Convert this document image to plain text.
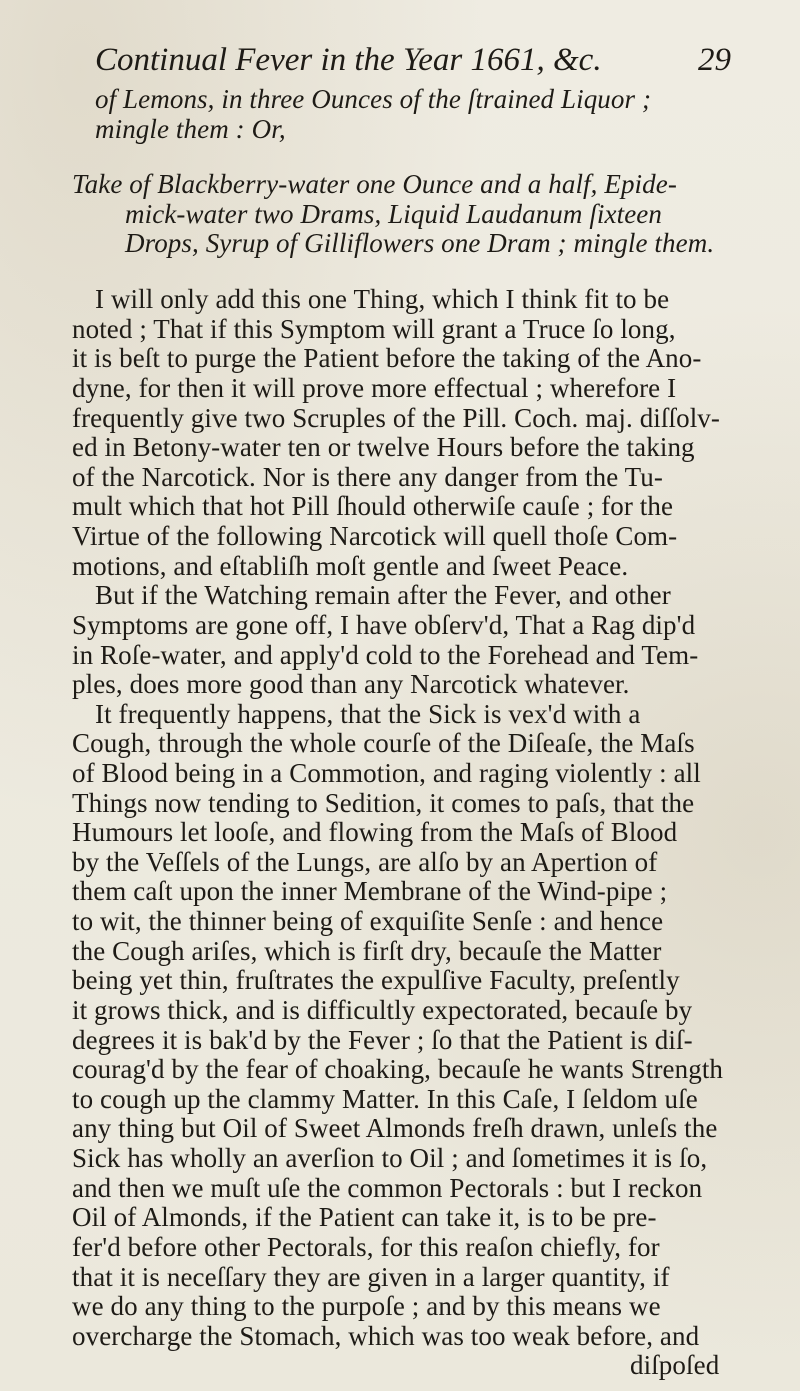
Continual Fever in the Year 1661, &c.	29
of Lemons, in three Ounces of the ſtrained Liquor ;
mingle them : Or,
Take of Blackberry-water one Ounce and a half, Epide-
mick-water two Drams, Liquid Laudanum ſixteen
Drops, Syrup of Gilliflowers one Dram ; mingle them.
I will only add this one Thing, which I think fit to be
noted ; That if this Symptom will grant a Truce ſo long,
it is beſt to purge the Patient before the taking of the Ano-
dyne, for then it will prove more effectual ; wherefore I
frequently give two Scruples of the Pill. Coch. maj. diſſolv-
ed in Betony-water ten or twelve Hours before the taking
of the Narcotick. Nor is there any danger from the Tu-
mult which that hot Pill ſhould otherwiſe cauſe ; for the
Virtue of the following Narcotick will quell thoſe Com-
motions, and eſtabliſh moſt gentle and ſweet Peace.
But if the Watching remain after the Fever, and other
Symptoms are gone off, I have obſerv'd, That a Rag dip'd
in Roſe-water, and apply'd cold to the Forehead and Tem-
ples, does more good than any Narcotick whatever.
It frequently happens, that the Sick is vex'd with a
Cough, through the whole courſe of the Diſeaſe, the Maſs
of Blood being in a Commotion, and raging violently : all
Things now tending to Sedition, it comes to paſs, that the
Humours let looſe, and flowing from the Maſs of Blood
by the Veſſels of the Lungs, are alſo by an Apertion of
them caſt upon the inner Membrane of the Wind-pipe ;
to wit, the thinner being of exquiſite Senſe : and hence
the Cough ariſes, which is firſt dry, becauſe the Matter
being yet thin, fruſtrates the expulſive Faculty, preſently
it grows thick, and is difficultly expectorated, becauſe by
degrees it is bak'd by the Fever ; ſo that the Patient is diſ-
courag'd by the fear of choaking, becauſe he wants Strength
to cough up the clammy Matter. In this Caſe, I ſeldom uſe
any thing but Oil of Sweet Almonds freſh drawn, unleſs the
Sick has wholly an averſion to Oil ; and ſometimes it is ſo,
and then we muſt uſe the common Pectorals : but I reckon
Oil of Almonds, if the Patient can take it, is to be pre-
fer'd before other Pectorals, for this reaſon chiefly, for
that it is neceſſary they are given in a larger quantity, if
we do any thing to the purpoſe ; and by this means we
overcharge the Stomach, which was too weak before, and
diſpoſed
